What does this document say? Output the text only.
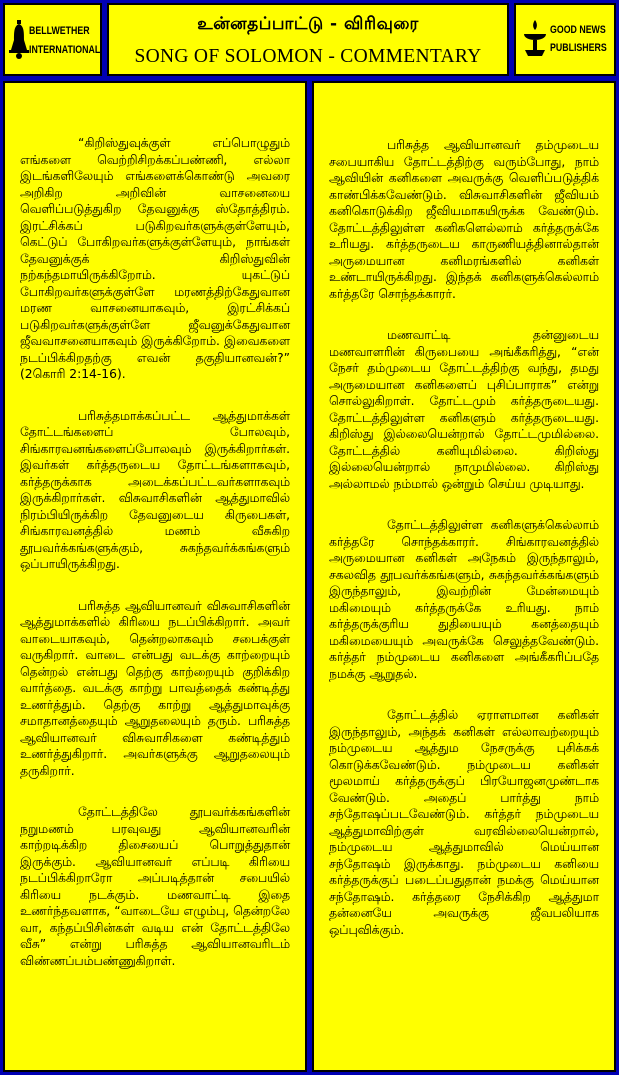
BELLWETHER
INTERNATIONAL
உன்னதப்பாட்டு - விரிவுரை
SONG OF SOLOMON - COMMENTARY
GOOD NEWS
PUBLISHERS

“கிறிஸ்துவுக்குள் எப்பொழுதும் எங்களை வெற்றிசிறக்கப்பண்ணி, எல்லா இடங்களிலேயும் எங்களைக்கொண்டு அவரை அறிகிற அறிவின் வாசனையை வெளிப்படுத்துகிற தேவனுக்கு ஸ்தோத்திரம். இரட்சிக்கப் படுகிறவர்களுக்குள்ளேயும், கெட்டுப் போகிறவர்களுக்குள்ளேயும், நாங்கள் தேவனுக்குக் கிறிஸ்துவின் நற்கந்தமாயிருக்கிறோம். யுகட்டுப் போகிறவர்களுக்குள்ளே மரணத்திற்கேதுவான மரண வாசனையாகவும், இரட்சிக்கப் படுகிறவர்களுக்குள்ளே ஜீவனுக்கேதுவான ஜீவவாசனையாகவும் இருக்கிறோம். இவைகளை நடப்பிக்கிறதற்கு எவன் தகுதியானவன்?” (2கொரி 2:14-16).

பரிசுத்தமாக்கப்பட்ட ஆத்துமாக்கள் தோட்டங்களைப் போலவும், சிங்காரவனங்களைப்போலவும் இருக்கிறார்கள். இவர்கள் கர்த்தருடைய தோட்டங்களாகவும், கர்த்தருக்காக அடைக்கப்பட்டவர்களாகவும் இருக்கிறார்கள். விசுவாசிகளின் ஆத்துமாவில் நிரம்பியிருக்கிற தேவனுடைய கிருபைகள், சிங்காரவனத்தில் மணம் வீசுகிற தூபவர்க்கங்களுக்கும், சுகந்தவர்க்கங்களும் ஒப்பாயிருக்கிறது.

பரிசுத்த ஆவியானவர் விசுவாசிகளின் ஆத்துமாக்களில் கிரியை நடப்பிக்கிறார். அவர் வாடையாகவும், தென்றலாகவும் சபைக்குள் வருகிறார். வாடை என்பது வடக்கு காற்றையும் தென்றல் என்பது தெற்கு காற்றையும் குறிக்கிற வார்த்தை. வடக்கு காற்று பாவத்தைக் கண்டித்து உணர்த்தும். தெற்கு காற்று ஆத்துமாவுக்கு சமாதானத்தையும் ஆறுதலையும் தரும். பரிசுத்த ஆவியானவர் விசுவாசிகளை கண்டித்தும் உணர்த்துகிறார். அவர்களுக்கு ஆறுதலையும் தருகிறார்.

தோட்டத்திலே தூபவர்க்கங்களின் நறுமணம் பரவுவது ஆவியானவரின் காற்றடிக்கிற திசையைப் பொறுத்துதான் இருக்கும். ஆவியானவர் எப்படி கிரியை நடப்பிக்கிறாரோ அப்படித்தான் சபையில் கிரியை நடக்கும். மணவாட்டி இதை உணர்ந்தவளாக, “வாடையே எழும்பு, தென்றலே வா, கந்தப்பிசின்கள் வடிய என் தோட்டத்திலே வீசு” என்று பரிசுத்த ஆவியானவரிடம் விண்ணப்பம்பண்ணுகிறாள்.

பரிசுத்த ஆவியானவர் தம்முடைய சபையாகிய தோட்டத்திற்கு வரும்போது, நாம் ஆவியின் கனிகளை அவருக்கு வெளிப்படுத்திக் காண்பிக்கவேண்டும். விசுவாசிகளின் ஜீவியம் கனிகொடுக்கிற ஜீவியமாகயிருக்க வேண்டும். தோட்டத்திலுள்ள கனிகளெல்லாம் கர்த்தருக்கே உரியது. கர்த்தருடைய காருணியத்தினால்தான் அருமையான கனிமரங்களில் கனிகள் உண்டாயிருக்கிறது. இந்தக் கனிகளுக்கெல்லாம் கர்த்தரே சொந்தக்காரர்.

மணவாட்டி தன்னுடைய மணவாளரின் கிருபையை அங்கீகரித்து, “என் நேசர் தம்முடைய தோட்டத்திற்கு வந்து, தமது அருமையான கனிகளைப் புசிப்பாராக” என்று சொல்லுகிறாள். தோட்டமும் கர்த்தருடையது. தோட்டத்திலுள்ள கனிகளும் கர்த்தருடையது. கிறிஸ்து இல்லையென்றால் தோட்டமுமில்லை. தோட்டத்தில் கனியுமில்லை. கிறிஸ்து இல்லையென்றால் நாமுமில்லை. கிறிஸ்து அல்லாமல் நம்மால் ஒன்றும் செய்ய முடியாது.

தோட்டத்திலுள்ள கனிகளுக்கெல்லாம் கர்த்தரே சொந்தக்காரர். சிங்காரவனத்தில் அருமையான கனிகள் அநேகம் இருந்தாலும், சகலவித தூபவர்க்கங்களும், சுகந்தவர்க்கங்களும் இருந்தாலும், இவற்றின் மேன்மையும் மகிமையும் கர்த்தருக்கே உரியது. நாம் கர்த்தருக்குரிய துதியையும் கனத்தையும் மகிமையையும் அவருக்கே செலுத்தவேண்டும். கர்த்தர் நம்முடைய கனிகளை அங்கீகரிப்பதே நமக்கு ஆறுதல்.

தோட்டத்தில் ஏராளமான கனிகள் இருந்தாலும், அந்தக் கனிகள் எல்லாவற்றையும் நம்முடைய ஆத்தும நேசருக்கு புசிக்கக் கொடுக்கவேண்டும். நம்முடைய கனிகள் மூலமாய் கர்த்தருக்குப் பிரயோஜனமுண்டாக வேண்டும். அதைப் பார்த்து நாம் சந்தோஷப்படவேண்டும். கர்த்தர் நம்முடைய ஆத்துமாவிற்குள் வரவில்லையென்றால், நம்முடைய ஆத்துமாவில் மெய்யான சந்தோஷம் இருக்காது. நம்முடைய கனியை கர்த்தருக்குப் படைப்பதுதான் நமக்கு மெய்யான சந்தோஷம். கர்த்தரை நேசிக்கிற ஆத்துமா தன்னையே அவருக்கு ஜீவபலியாக ஒப்புவிக்கும்.
